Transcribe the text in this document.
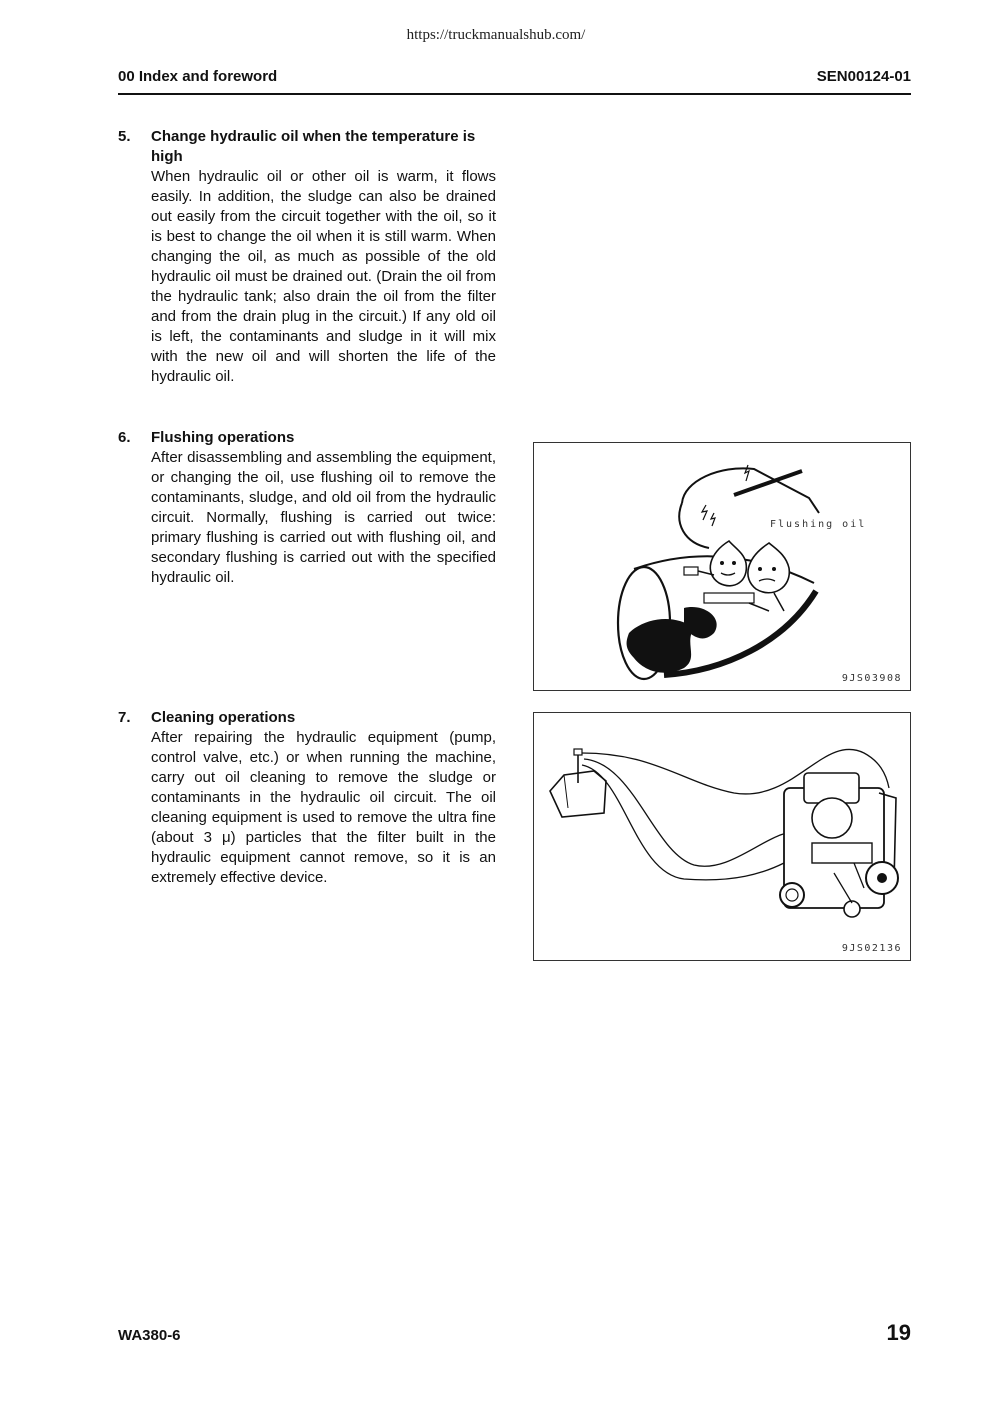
https://truckmanualshub.com/
00 Index and foreword	SEN00124-01
5. Change hydraulic oil when the temperature is high
When hydraulic oil or other oil is warm, it flows easily. In addition, the sludge can also be drained out easily from the circuit together with the oil, so it is best to change the oil when it is still warm. When changing the oil, as much as possible of the old hydraulic oil must be drained out. (Drain the oil from the hydraulic tank; also drain the oil from the filter and from the drain plug in the circuit.) If any old oil is left, the contaminants and sludge in it will mix with the new oil and will shorten the life of the hydraulic oil.
6. Flushing operations
After disassembling and assembling the equipment, or changing the oil, use flushing oil to remove the contaminants, sludge, and old oil from the hydraulic circuit. Normally, flushing is carried out twice: primary flushing is carried out with flushing oil, and secondary flushing is carried out with the specified hydraulic oil.
7. Cleaning operations
After repairing the hydraulic equipment (pump, control valve, etc.) or when running the machine, carry out oil cleaning to remove the sludge or contaminants in the hydraulic oil circuit. The oil cleaning equipment is used to remove the ultra fine (about 3 μ) particles that the filter built in the hydraulic equipment cannot remove, so it is an extremely effective device.
Flushing oil
9JS03908
9JS02136
WA380-6	19
